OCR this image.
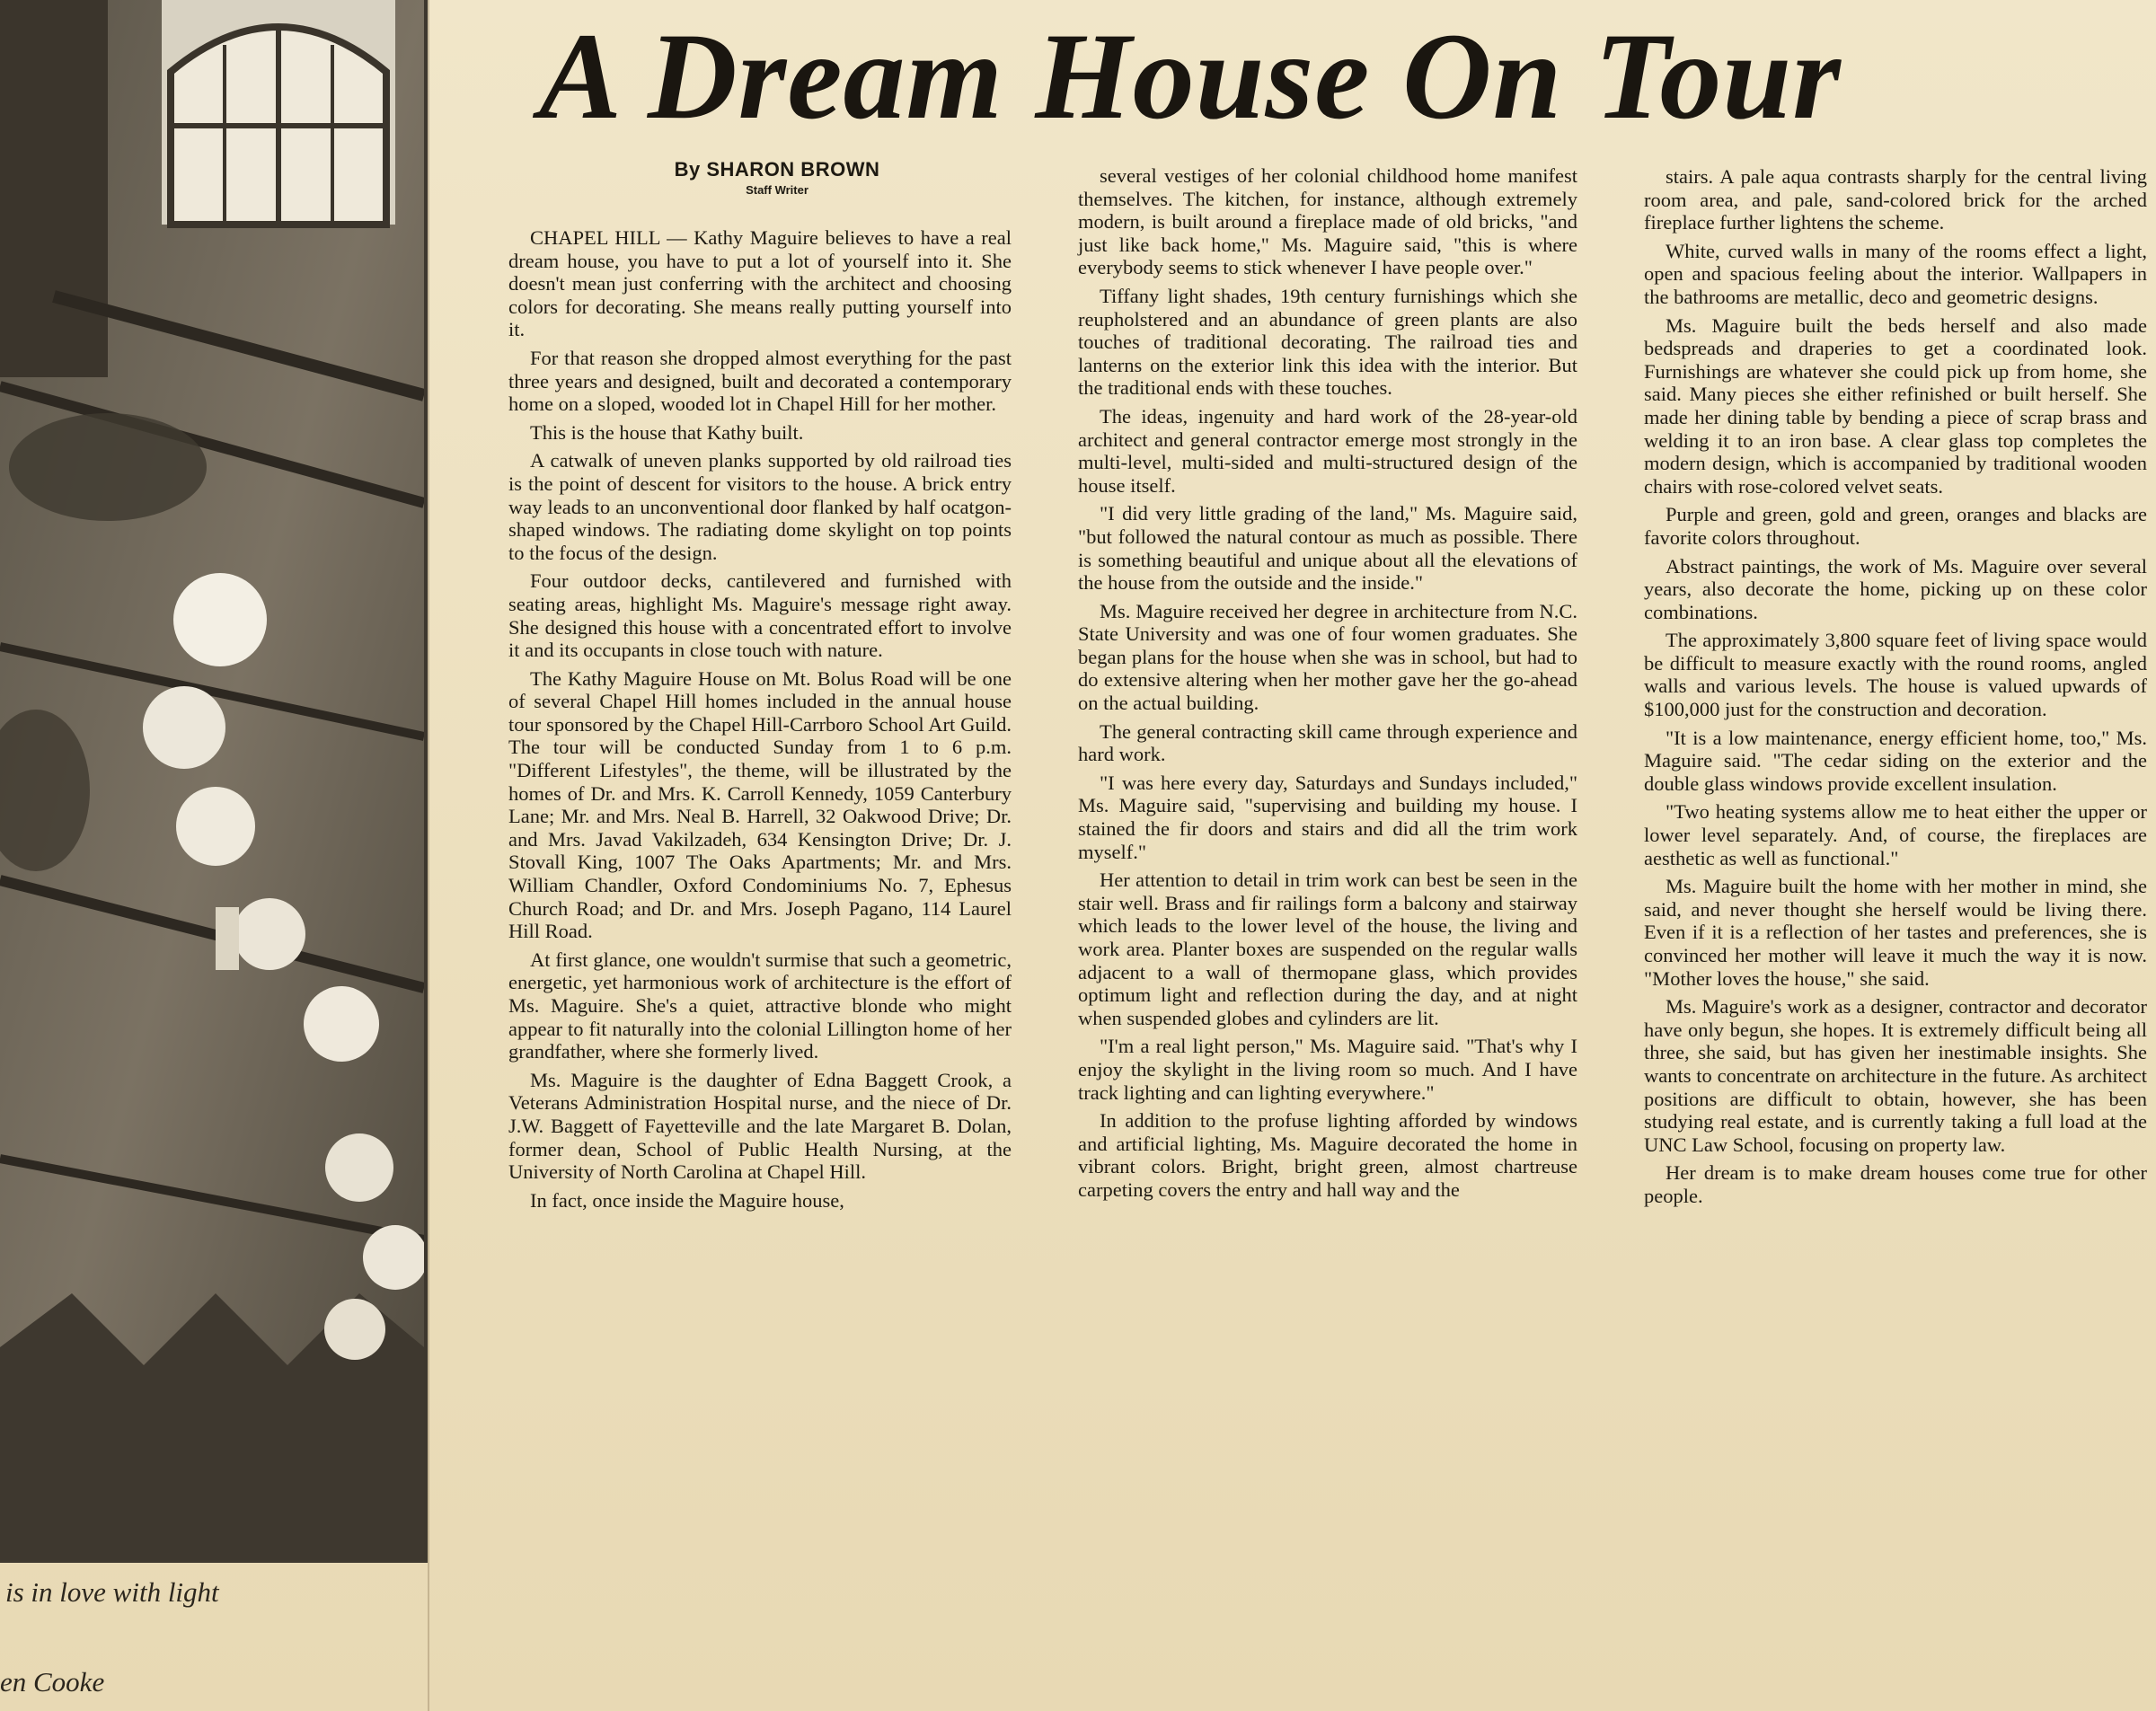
is in love with light
en Cooke
A Dream House On Tour
By SHARON BROWN
Staff Writer

CHAPEL HILL — Kathy Maguire believes to have a real dream house, you have to put a lot of yourself into it. She doesn't mean just conferring with the architect and choosing colors for decorating. She means really putting yourself into it.

For that reason she dropped almost everything for the past three years and designed, built and decorated a contemporary home on a sloped, wooded lot in Chapel Hill for her mother.

This is the house that Kathy built.

A catwalk of uneven planks supported by old railroad ties is the point of descent for visitors to the house. A brick entry way leads to an unconventional door flanked by half ocatgon-shaped windows. The radiating dome skylight on top points to the focus of the design.

Four outdoor decks, cantilevered and furnished with seating areas, highlight Ms. Maguire's message right away. She designed this house with a concentrated effort to involve it and its occupants in close touch with nature.

The Kathy Maguire House on Mt. Bolus Road will be one of several Chapel Hill homes included in the annual house tour sponsored by the Chapel Hill-Carrboro School Art Guild. The tour will be conducted Sunday from 1 to 6 p.m. "Different Lifestyles", the theme, will be illustrated by the homes of Dr. and Mrs. K. Carroll Kennedy, 1059 Canterbury Lane; Mr. and Mrs. Neal B. Harrell, 32 Oakwood Drive; Dr. and Mrs. Javad Vakilzadeh, 634 Kensington Drive; Dr. J. Stovall King, 1007 The Oaks Apartments; Mr. and Mrs. William Chandler, Oxford Condominiums No. 7, Ephesus Church Road; and Dr. and Mrs. Joseph Pagano, 114 Laurel Hill Road.

At first glance, one wouldn't surmise that such a geometric, energetic, yet harmonious work of architecture is the effort of Ms. Maguire. She's a quiet, attractive blonde who might appear to fit naturally into the colonial Lillington home of her grandfather, where she formerly lived.

Ms. Maguire is the daughter of Edna Baggett Crook, a Veterans Administration Hospital nurse, and the niece of Dr. J.W. Baggett of Fayetteville and the late Margaret B. Dolan, former dean, School of Public Health Nursing, at the University of North Carolina at Chapel Hill.

In fact, once inside the Maguire house,

several vestiges of her colonial childhood home manifest themselves. The kitchen, for instance, although extremely modern, is built around a fireplace made of old bricks, "and just like back home," Ms. Maguire said, "this is where everybody seems to stick whenever I have people over."

Tiffany light shades, 19th century furnishings which she reupholstered and an abundance of green plants are also touches of traditional decorating. The railroad ties and lanterns on the exterior link this idea with the interior. But the traditional ends with these touches.

The ideas, ingenuity and hard work of the 28-year-old architect and general contractor emerge most strongly in the multi-level, multi-sided and multi-structured design of the house itself.

"I did very little grading of the land," Ms. Maguire said, "but followed the natural contour as much as possible. There is something beautiful and unique about all the elevations of the house from the outside and the inside."

Ms. Maguire received her degree in architecture from N.C. State University and was one of four women graduates. She began plans for the house when she was in school, but had to do extensive altering when her mother gave her the go-ahead on the actual building.

The general contracting skill came through experience and hard work.

"I was here every day, Saturdays and Sundays included," Ms. Maguire said, "supervising and building my house. I stained the fir doors and stairs and did all the trim work myself."

Her attention to detail in trim work can best be seen in the stair well. Brass and fir railings form a balcony and stairway which leads to the lower level of the house, the living and work area. Planter boxes are suspended on the regular walls adjacent to a wall of thermopane glass, which provides optimum light and reflection during the day, and at night when suspended globes and cylinders are lit.

"I'm a real light person," Ms. Maguire said. "That's why I enjoy the skylight in the living room so much. And I have track lighting and can lighting everywhere."

In addition to the profuse lighting afforded by windows and artificial lighting, Ms. Maguire decorated the home in vibrant colors. Bright, bright green, almost chartreuse carpeting covers the entry and hall way and the

stairs. A pale aqua contrasts sharply for the central living room area, and pale, sand-colored brick for the arched fireplace further lightens the scheme.

White, curved walls in many of the rooms effect a light, open and spacious feeling about the interior. Wallpapers in the bathrooms are metallic, deco and geometric designs.

Ms. Maguire built the beds herself and also made bedspreads and draperies to get a coordinated look. Furnishings are whatever she could pick up from home, she said. Many pieces she either refinished or built herself. She made her dining table by bending a piece of scrap brass and welding it to an iron base. A clear glass top completes the modern design, which is accompanied by traditional wooden chairs with rose-colored velvet seats.

Purple and green, gold and green, oranges and blacks are favorite colors throughout.

Abstract paintings, the work of Ms. Maguire over several years, also decorate the home, picking up on these color combinations.

The approximately 3,800 square feet of living space would be difficult to measure exactly with the round rooms, angled walls and various levels. The house is valued upwards of $100,000 just for the construction and decoration.

"It is a low maintenance, energy efficient home, too," Ms. Maguire said. "The cedar siding on the exterior and the double glass windows provide excellent insulation.

"Two heating systems allow me to heat either the upper or lower level separately. And, of course, the fireplaces are aesthetic as well as functional."

Ms. Maguire built the home with her mother in mind, she said, and never thought she herself would be living there. Even if it is a reflection of her tastes and preferences, she is convinced her mother will leave it much the way it is now. "Mother loves the house," she said.

Ms. Maguire's work as a designer, contractor and decorator have only begun, she hopes. It is extremely difficult being all three, she said, but has given her inestimable insights. She wants to concentrate on architecture in the future. As architect positions are difficult to obtain, however, she has been studying real estate, and is currently taking a full load at the UNC Law School, focusing on property law.

Her dream is to make dream houses come true for other people.
